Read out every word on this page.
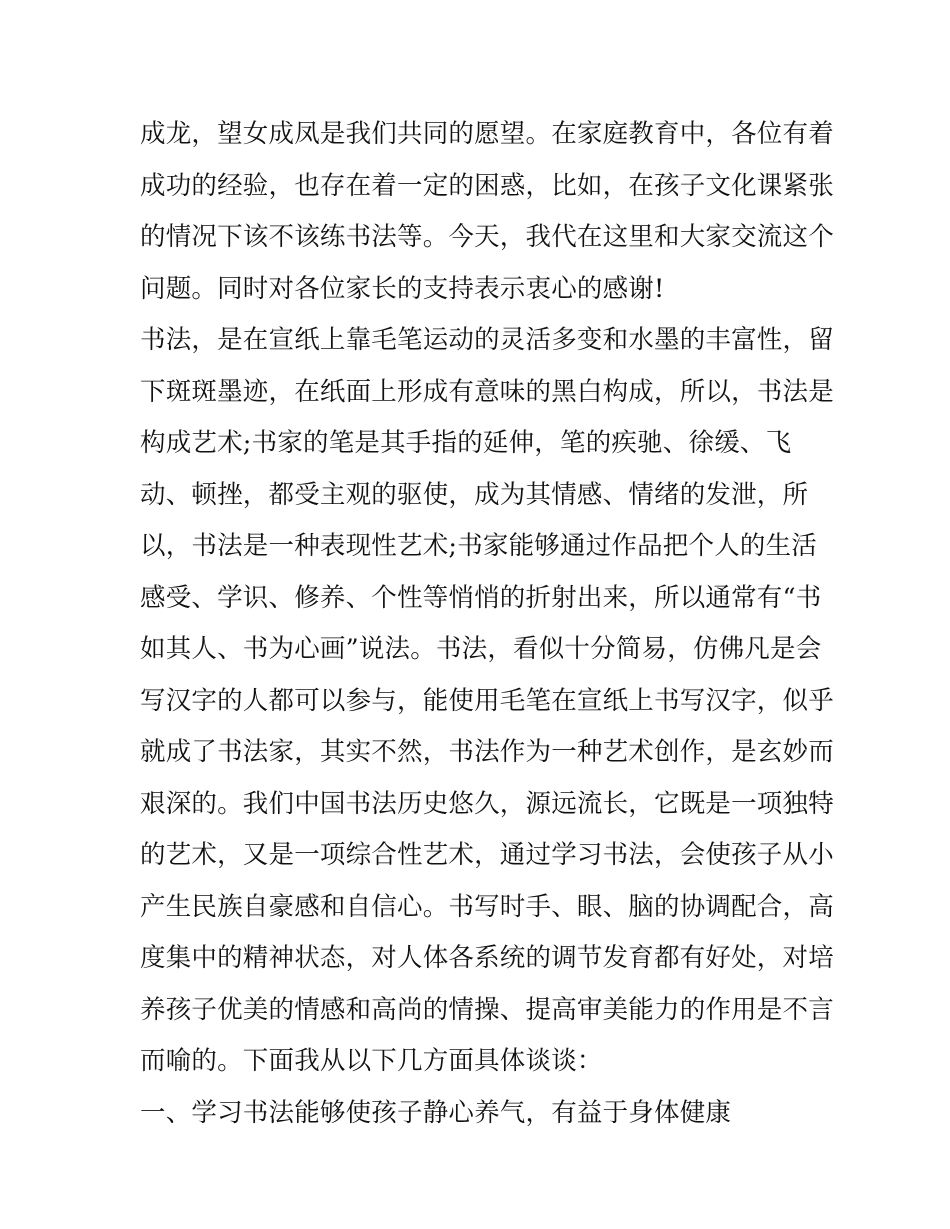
成龙，望女成凤是我们共同的愿望。在家庭教育中，各位有着
成功的经验，也存在着一定的困惑，比如，在孩子文化课紧张
的情况下该不该练书法等。今天，我代在这里和大家交流这个
问题。同时对各位家长的支持表示衷心的感谢!
书法，是在宣纸上靠毛笔运动的灵活多变和水墨的丰富性，留
下斑斑墨迹，在纸面上形成有意味的黑白构成，所以，书法是
构成艺术;书家的笔是其手指的延伸，笔的疾驰、徐缓、飞
动、顿挫，都受主观的驱使，成为其情感、情绪的发泄，所
以，书法是一种表现性艺术;书家能够通过作品把个人的生活
感受、学识、修养、个性等悄悄的折射出来，所以通常有“书
如其人、书为心画”说法。书法，看似十分简易，仿佛凡是会
写汉字的人都可以参与，能使用毛笔在宣纸上书写汉字，似乎
就成了书法家，其实不然，书法作为一种艺术创作，是玄妙而
艰深的。我们中国书法历史悠久，源远流长，它既是一项独特
的艺术，又是一项综合性艺术，通过学习书法，会使孩子从小
产生民族自豪感和自信心。书写时手、眼、脑的协调配合，高
度集中的精神状态，对人体各系统的调节发育都有好处，对培
养孩子优美的情感和高尚的情操、提高审美能力的作用是不言
而喻的。下面我从以下几方面具体谈谈：
一、学习书法能够使孩子静心养气，有益于身体健康
